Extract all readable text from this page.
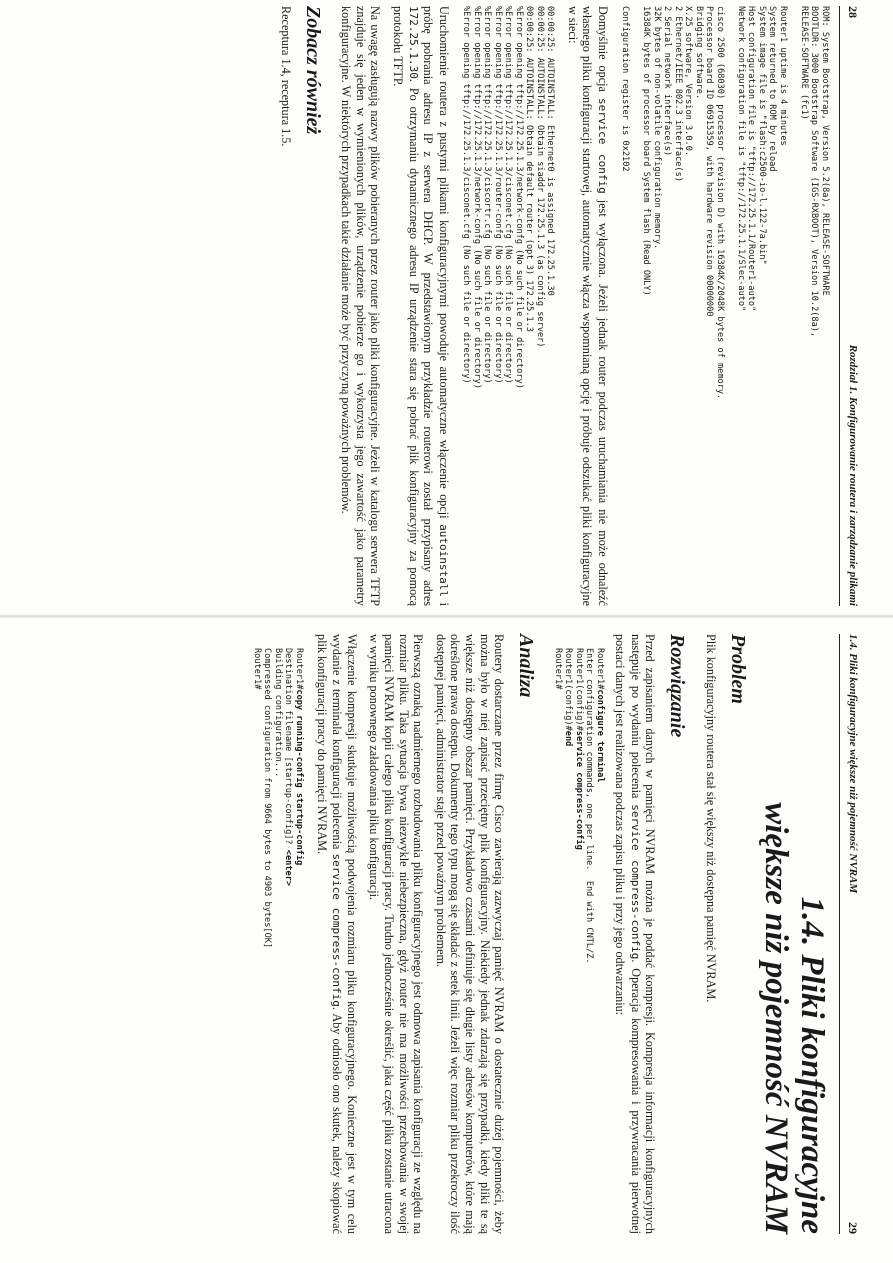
28
Rozdział 1. Konfigurowanie routera i zarządzanie plikami
ROM: System Bootstrap, Version 5.2(8a), RELEASE-SOFTWARE
BOOTLDR: 3000 Bootstrap Software (IGS-RXBOOT), Version 10.2(8a),
RELEASE-SOFTWARE (fc1)

Router1 uptime is 4 minutes
System returned to ROM by reload
System image file is "flash:c2500-io-l.122-7a.bin"
Host configuration file is "tftp://172.25.1.1/Router1-auto"
Network configuration file is "tftp://172.25.1.1/Slec-auto"

cisco 2500 (68030) processor (revision D) with 16384K/2048K bytes of memory.
Processor board ID 06915359, with hardware revision 00000000
Bridging software.
X.25 software, Version 3.0.0.
2 Ethernet/IEEE 802.3 interface(s)
2 Serial network interface(s)
32K bytes of non-volatile configuration memory.
16384K bytes of processor board System flash (Read ONLY)

Configuration register is 0x2102

Domyślnie opcja service config jest wyłączona. Jeżeli jednak router podczas uruchamiania nie może odnaleźć własnego pliku konfiguracji startowej, automatycznie włącza wspomnianą opcję i próbuje odszukać pliki konfiguracyjne w sieci:

00:00:25: AUTOINSTALL: Ethernet0 is assigned 172.25.1.30
00:00:25: AUTOINSTALL: Obtain siaddr 172.25.1.3 (as config server)
00:00:25: AUTOINSTALL: Obtain default router (opt 3) 172.25.1.3
%Error opening tftp://172.25.1.3/network-confg (No such file or directory)
%Error opening tftp://172.25.1.3/cisconet.cfg (No such file or directory)
%Error opening tftp://172.25.1.3/router-confg (No such file or directory)
%Error opening tftp://172.25.1.3/ciscortr.cfg (No such file or directory)
%Error opening tftp://172.25.1.3/network-confg (No such file or directory)
%Error opening tftp://172.25.1.3/cisconet.cfg (No such file or directory)

Uruchomienie routera z pustymi plikami konfiguracyjnymi powoduje automatyczne włączenie opcji autoinstall i próbę pobrania adresu IP z serwera DHCP. W przedstawionym przykładzie routerowi został przypisany adres 172.25.1.30. Po otrzymaniu dynamicznego adresu IP urządzenie stara się pobrać plik konfiguracyjny za pomocą protokołu TFTP.

Na uwagę zasługują nazwy plików pobieranych przez router jako pliki konfiguracyjne. Jeżeli w katalogu serwera TFTP znajduje się jeden w wymienionych plików, urządzenie pobierze go i wykorzysta jego zawartość jako parametry konfiguracyjne. W niektórych przypadkach takie działanie może być przyczyną poważnych problemów.

Zobacz również

Receptura 1.4, receptura 1.5.

1.4. Pliki konfiguracyjne większe niż pojemność NVRAM
29
1.4. Pliki konfiguracyjne
większe niż pojemność NVRAM
Problem

Plik konfiguracyjny routera stał się większy niż dostępna pamięć NVRAM.

Rozwiązanie

Przed zapisaniem danych w pamięci NVRAM można je poddać kompresji. Kompresja informacji konfiguracyjnych następuje po wydaniu polecenia service compress-config. Operacja kompresowania i przywracania pierwotnej postaci danych jest realizowana podczas zapisu pliku i przy jego odtwarzaniu:

Router1#configure terminal
Enter configuration commands, one per line.  End with CNTL/Z.
Router1(config)#service compress-config
Router1(config)#end
Router1#
Analiza

Routery dostarczane przez firmę Cisco zawierają zazwyczaj pamięć NVRAM o dostatecznie dużej pojemności, żeby można było w niej zapisać przeciętny plik konfiguracyjny. Niekiedy jednak zdarzają się przypadki, kiedy pliki te są większe niż dostępny obszar pamięci. Przykładowo czasami definiuje się długie listy adresów komputerów, które mają określone prawa dostępu. Dokumenty tego typu mogą się składać z setek linii. Jeżeli więc rozmiar pliku przekroczy ilość dostępnej pamięci, administrator staje przed poważnym problemem.

Pierwszą oznaką nadmiernego rozbudowania pliku konfiguracyjnego jest odmowa zapisania konfiguracji ze względu na rozmiar pliku. Taka sytuacja bywa niezwykle niebezpieczna, gdyż router nie ma możliwości przechowania w swojej pamięci NVRAM kopii całego pliku konfiguracji pracy. Trudno jednocześnie określić, jaka część pliku zostanie utracona w wyniku ponownego załadowania pliku konfiguracji.

Włączenie kompresji skutkuje możliwością podwojenia rozmiaru pliku konfiguracyjnego. Konieczne jest w tym celu wydanie z terminala konfiguracji polecenia service compress-config. Aby odniosło ono skutek, należy skopiować plik konfiguracji pracy do pamięci NVRAM.

Router1#copy running-config startup-config
Destination filename [startup-config]? <enter>
Building configuration...
Compressed configuration from 9664 bytes to 4903 bytes[OK]
Router1#
